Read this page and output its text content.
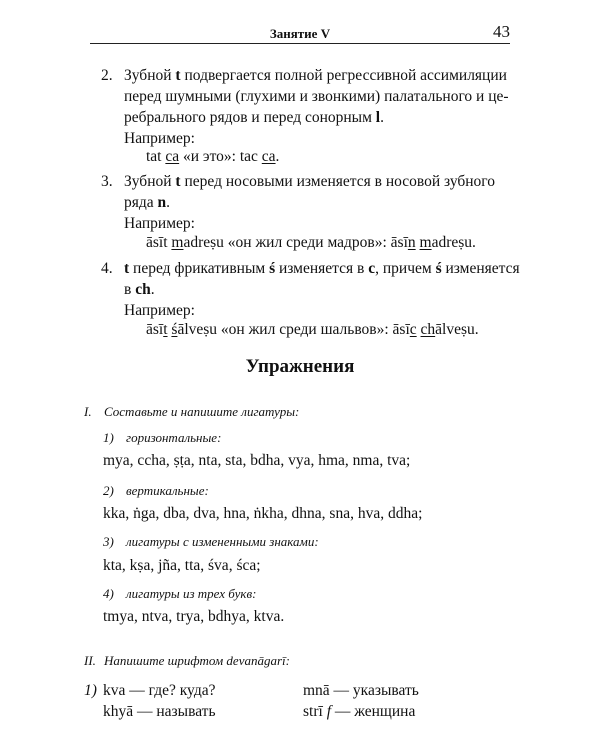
Занятие V	43
2. Зубной t подвергается полной регрессивной ассимиляции
перед шумными (глухими и звонкими) палатального и це-
ребрального рядов и перед сонорным l.
Например:
tat ca «и это»: tac ca.
3. Зубной t перед носовыми изменяется в носовой зубного
ряда n.
Например:
āsīt madreṣu «он жил среди мадров»: āsīn madreṣu.
4. t перед фрикативным ś изменяется в c, причем ś изменяется
в ch.
Например:
āsīt śālveṣu «он жил среди шальвов»: āsīc chālveṣu.
Упражнения
I. Составьте и напишите лигатуры:
1) горизонтальные:
mya, ccha, ṣṭa, nta, sta, bdha, vya, hma, nma, tva;
2) вертикальные:
kka, ṅga, dba, dva, hna, ṅkha, dhna, sna, hva, ddha;
3) лигатуры с измененными знаками:
kta, kṣa, jña, tta, śva, śca;
4) лигатуры из трех букв:
tmya, ntva, trya, bdhya, ktva.
II. Напишите шрифтом devanāgarī:
1) kva — где? куда?	mnā — указывать
khyā — называть	strī f — женщина
